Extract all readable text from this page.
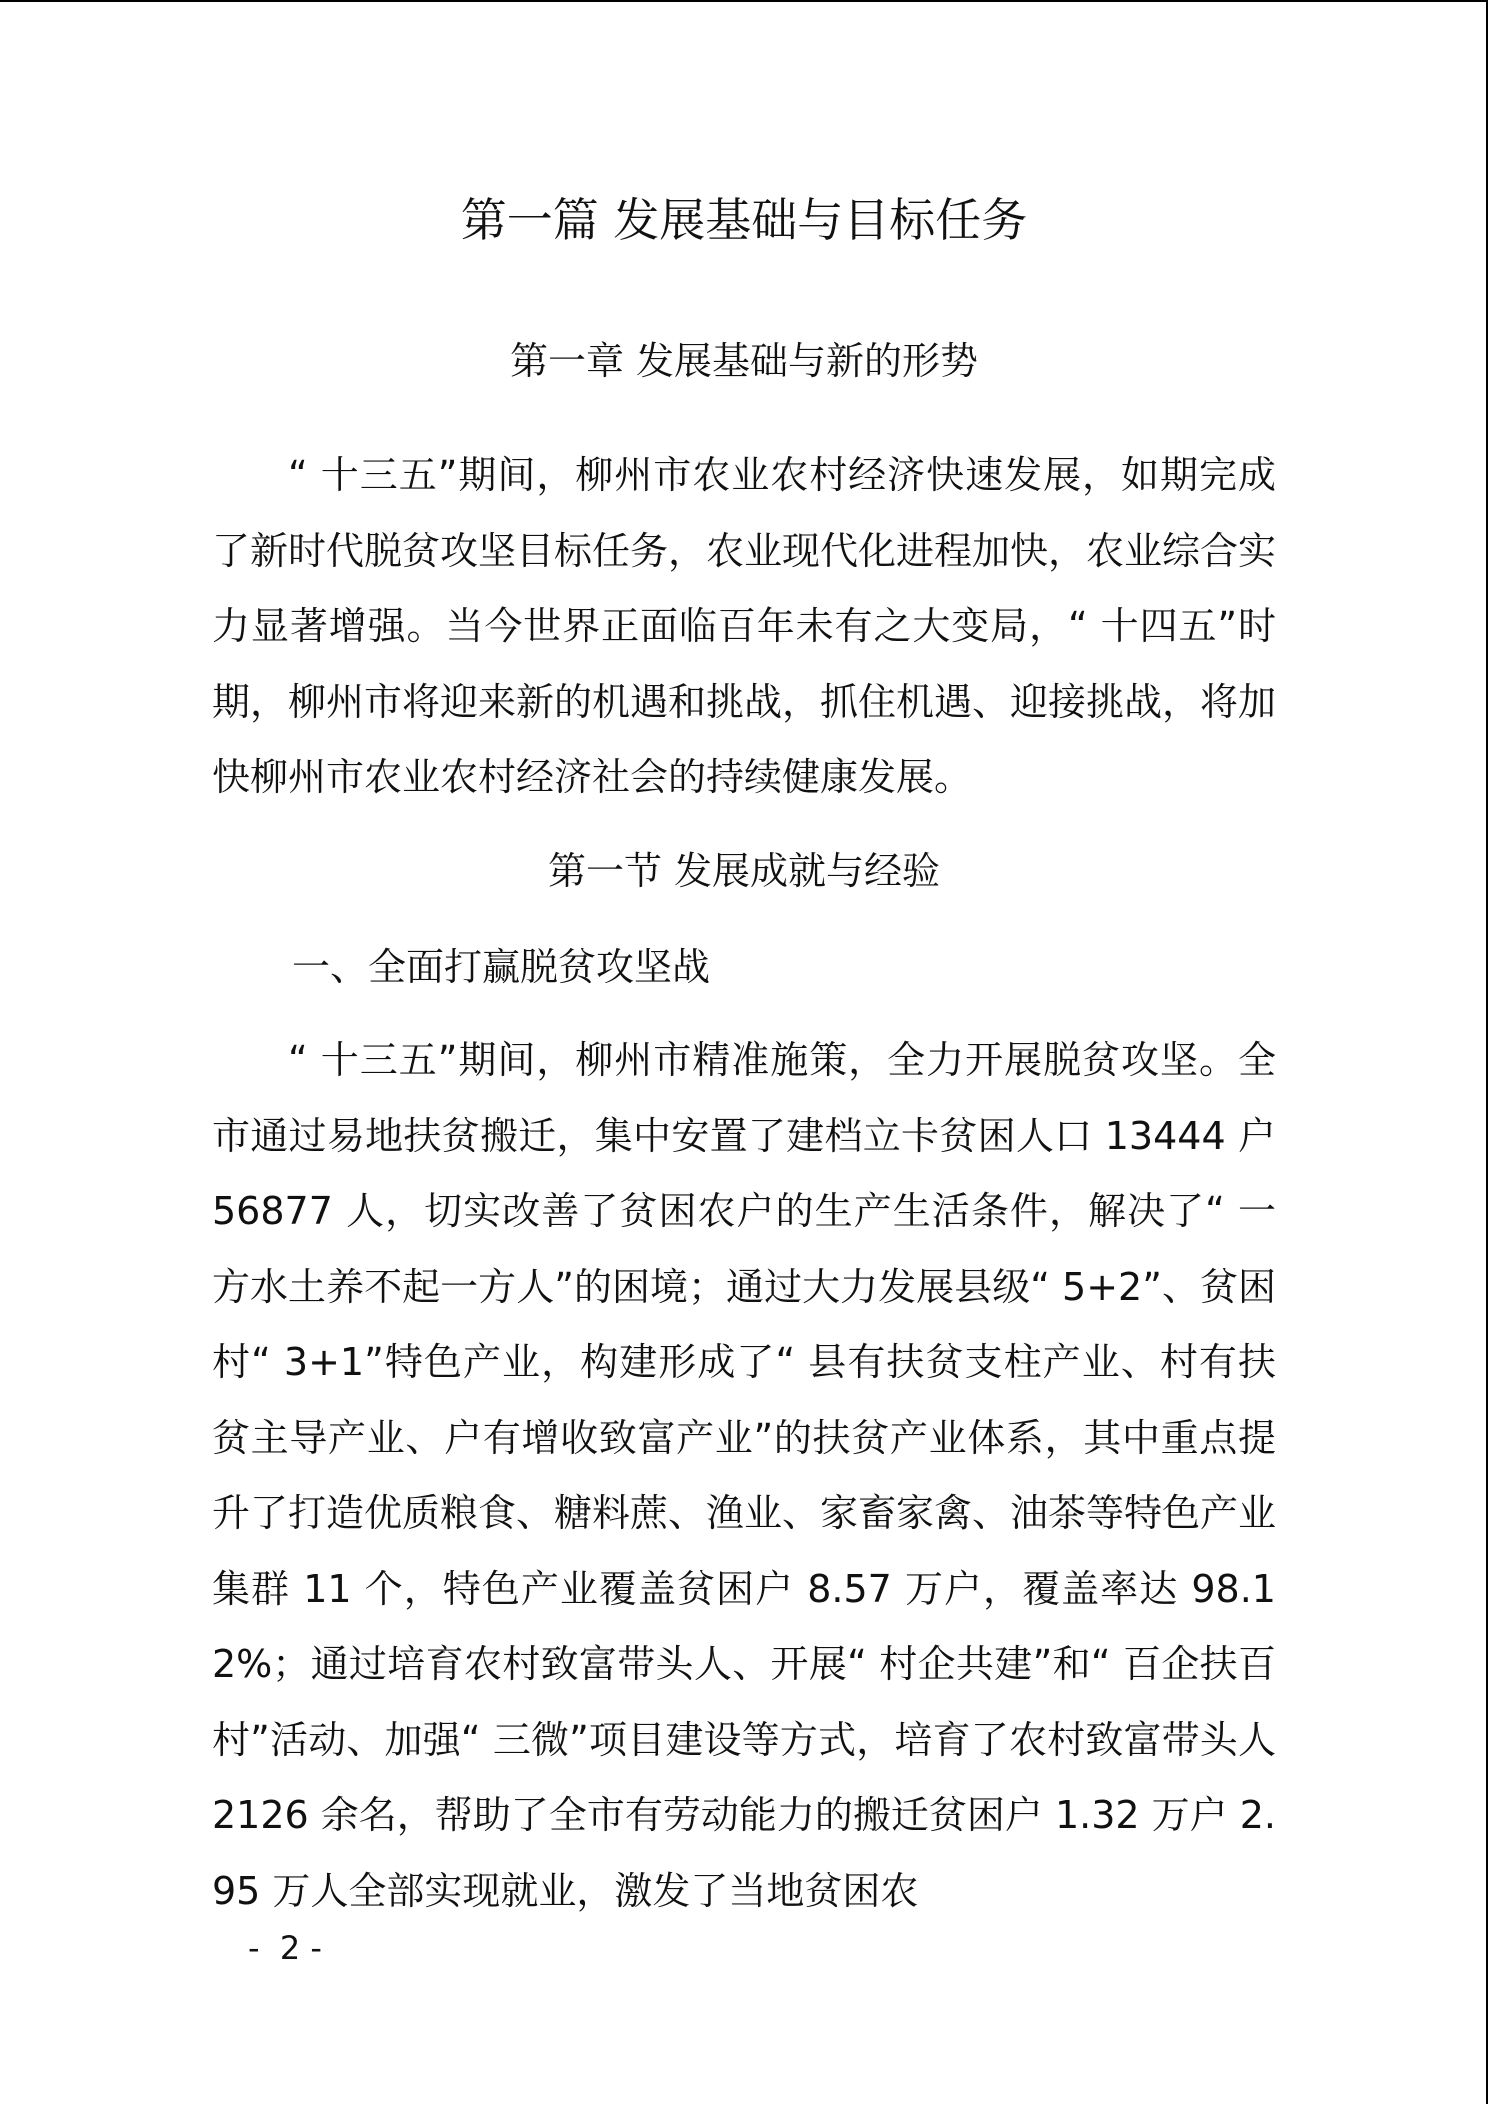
第一篇 发展基础与目标任务
第一章 发展基础与新的形势

“ 十三五”期间，柳州市农业农村经济快速发展，如期完成了新时代脱贫攻坚目标任务，农业现代化进程加快，农业综合实力显著增强。当今世界正面临百年未有之大变局，“ 十四五”时期，柳州市将迎来新的机遇和挑战，抓住机遇、迎接挑战，将加快柳州市农业农村经济社会的持续健康发展。

第一节 发展成就与经验
一、全面打赢脱贫攻坚战

“ 十三五”期间，柳州市精准施策，全力开展脱贫攻坚。全市通过易地扶贫搬迁，集中安置了建档立卡贫困人口 13444 户 56877 人，切实改善了贫困农户的生产生活条件，解决了“ 一方水土养不起一方人”的困境；通过大力发展县级“ 5+2”、贫困村“ 3+1”特色产业，构建形成了“ 县有扶贫支柱产业、村有扶贫主导产业、户有增收致富产业”的扶贫产业体系，其中重点提升了打造优质粮食、糖料蔗、渔业、家畜家禽、油茶等特色产业集群 11 个，特色产业覆盖贫困户 8.57 万户，覆盖率达 98.12%；通过培育农村致富带头人、开展“ 村企共建”和“ 百企扶百村”活动、加强“ 三微”项目建设等方式，培育了农村致富带头人 2126 余名，帮助了全市有劳动能力的搬迁贫困户 1.32 万户 2.95 万人全部实现就业，激发了当地贫困农

-  2 -
